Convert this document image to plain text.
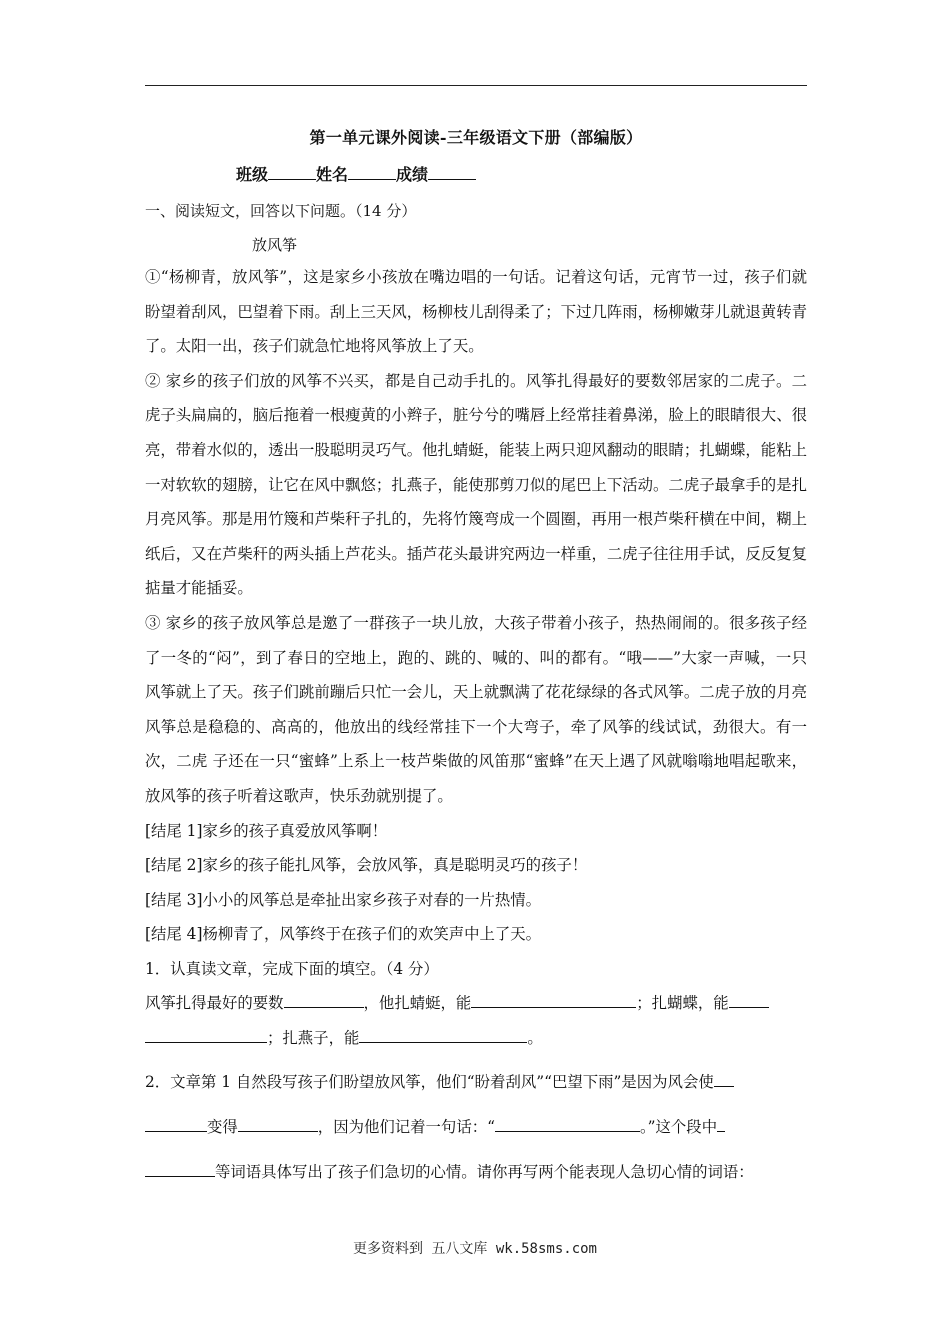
第一单元课外阅读-三年级语文下册（部编版）
班级	姓名	成绩
一、阅读短文，回答以下问题。（14 分）
放风筝

①“杨柳青，放风筝”，这是家乡小孩放在嘴边唱的一句话。记着这句话，元宵节一过，孩子们就盼望着刮风，巴望着下雨。刮上三天风，杨柳枝儿刮得柔了；下过几阵雨，杨柳嫩芽儿就退黄转青了。太阳一出，孩子们就急忙地将风筝放上了天。

② 家乡的孩子们放的风筝不兴买，都是自己动手扎的。风筝扎得最好的要数邻居家的二虎子。二虎子头扁扁的，脑后拖着一根瘦黄的小辫子，脏兮兮的嘴唇上经常挂着鼻涕，脸上的眼睛很大、很亮，带着水似的，透出一股聪明灵巧气。他扎蜻蜓，能装上两只迎风翻动的眼睛；扎蝴蝶，能粘上一对软软的翅膀，让它在风中飘悠；扎燕子，能使那剪刀似的尾巴上下活动。二虎子最拿手的是扎月亮风筝。那是用竹篾和芦柴秆子扎的，先将竹篾弯成一个圆圈，再用一根芦柴秆横在中间，糊上纸后，又在芦柴秆的两头插上芦花头。插芦花头最讲究两边一样重，二虎子往往用手试，反反复复掂量才能插妥。

③ 家乡的孩子放风筝总是邀了一群孩子一块儿放，大孩子带着小孩子，热热闹闹的。很多孩子经了一冬的“闷”，到了春日的空地上，跑的、跳的、喊的、叫的都有。“哦——”大家一声喊，一只风筝就上了天。孩子们跳前蹦后只忙一会儿，天上就飘满了花花绿绿的各式风筝。二虎子放的月亮风筝总是稳稳的、高高的，他放出的线经常挂下一个大弯子，牵了风筝的线试试，劲很大。有一次，二虎 子还在一只“蜜蜂”上系上一枝芦柴做的风笛那“蜜蜂”在天上遇了风就嗡嗡地唱起歌来，放风筝的孩子听着这歌声，快乐劲就别提了。

[结尾 1]家乡的孩子真爱放风筝啊！

[结尾 2]家乡的孩子能扎风筝，会放风筝，真是聪明灵巧的孩子！

[结尾 3]小小的风筝总是牵扯出家乡孩子对春的一片热情。

[结尾 4]杨柳青了，风筝终于在孩子们的欢笑声中上了天。

1．认真读文章，完成下面的填空。（4 分）

风筝扎得最好的要数	，他扎蜻蜓，能	；扎蝴蝶，能
；扎燕子，能	。

2．文章第 1 自然段写孩子们盼望放风筝，他们“盼着刮风”“巴望下雨”是因为风会使
变得	，因为他们记着一句话：“	。”这个段中
等词语具体写出了孩子们急切的心情。请你再写两个能表现人急切心情的词语：

更多资料到 五八文库 wk.58sms.com
